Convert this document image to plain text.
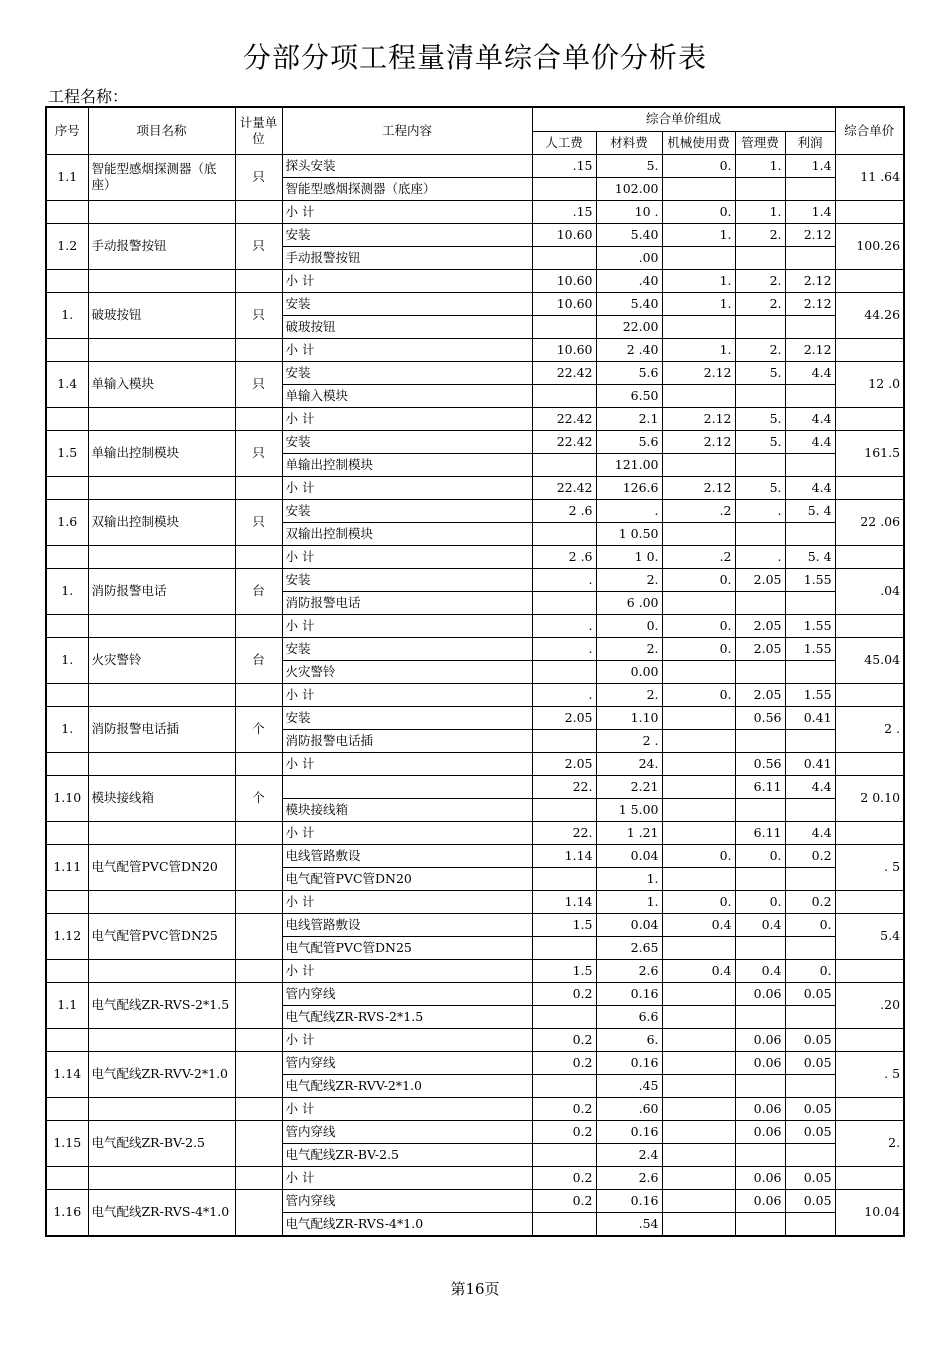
分部分项工程量清单综合单价分析表
工程名称：
序号	项目名称	计量单位	工程内容	综合单价组成					综合单价
				人工费	材料费	机械使用费	管理费	利润	
1.1	智能型感烟探测器（底座）	只	探头安装	.15	5.	0.	1.	1.4	11 .64
			智能型感烟探测器（底座）		102.00				
			小 计	.15	10 .	0.	1.	1.4	
1.2	手动报警按钮	只	安装	10.60	5.40	1.	2.	2.12	100.26
			手动报警按钮		.00				
			小 计	10.60	.40	1.	2.	2.12	
1.	破玻按钮	只	安装	10.60	5.40	1.	2.	2.12	44.26
			破玻按钮		22.00				
			小 计	10.60	2 .40	1.	2.	2.12	
1.4	单输入模块	只	安装	22.42	5.6	2.12	5.	4.4	12 .0
			单输入模块		6.50				
			小 计	22.42	2.1	2.12	5.	4.4	
1.5	单输出控制模块	只	安装	22.42	5.6	2.12	5.	4.4	161.5
			单输出控制模块		121.00				
			小 计	22.42	126.6	2.12	5.	4.4	
1.6	双输出控制模块	只	安装	2 .6	.	.2	.	5. 4	22 .06
			双输出控制模块		1 0.50				
			小 计	2 .6	1 0.	.2	.	5. 4	
1.	消防报警电话	台	安装	.	2.	0.	2.05	1.55	.04
			消防报警电话		6 .00				
			小 计	.	0.	0.	2.05	1.55	
1.	火灾警铃	台	安装	.	2.	0.	2.05	1.55	45.04
			火灾警铃		0.00				
			小 计	.	2.	0.	2.05	1.55	
1.	消防报警电话插	个	安装	2.05	1.10		0.56	0.41	2 .
			消防报警电话插		2 .				
			小 计	2.05	24.		0.56	0.41	
1.10	模块接线箱	个		22.	2.21		6.11	4.4	2 0.10
			模块接线箱		1 5.00				
			小 计	22.	1 .21		6.11	4.4	
1.11	电气配管PVC管DN20		电线管路敷设	1.14	0.04	0.	0.	0.2	. 5
			电气配管PVC管DN20		1.				
			小 计	1.14	1.	0.	0.	0.2	
1.12	电气配管PVC管DN25		电线管路敷设	1.5	0.04	0.4	0.4	0.	5.4
			电气配管PVC管DN25		2.65				
			小 计	1.5	2.6	0.4	0.4	0.	
1.1	电气配线ZR-RVS-2*1.5		管内穿线	0.2	0.16		0.06	0.05	.20
			电气配线ZR-RVS-2*1.5		6.6				
			小 计	0.2	6.		0.06	0.05	
1.14	电气配线ZR-RVV-2*1.0		管内穿线	0.2	0.16		0.06	0.05	. 5
			电气配线ZR-RVV-2*1.0		.45				
			小 计	0.2	.60		0.06	0.05	
1.15	电气配线ZR-BV-2.5		管内穿线	0.2	0.16		0.06	0.05	2.
			电气配线ZR-BV-2.5		2.4				
			小 计	0.2	2.6		0.06	0.05	
1.16	电气配线ZR-RVS-4*1.0		管内穿线	0.2	0.16		0.06	0.05	10.04
			电气配线ZR-RVS-4*1.0		.54				
第16页
